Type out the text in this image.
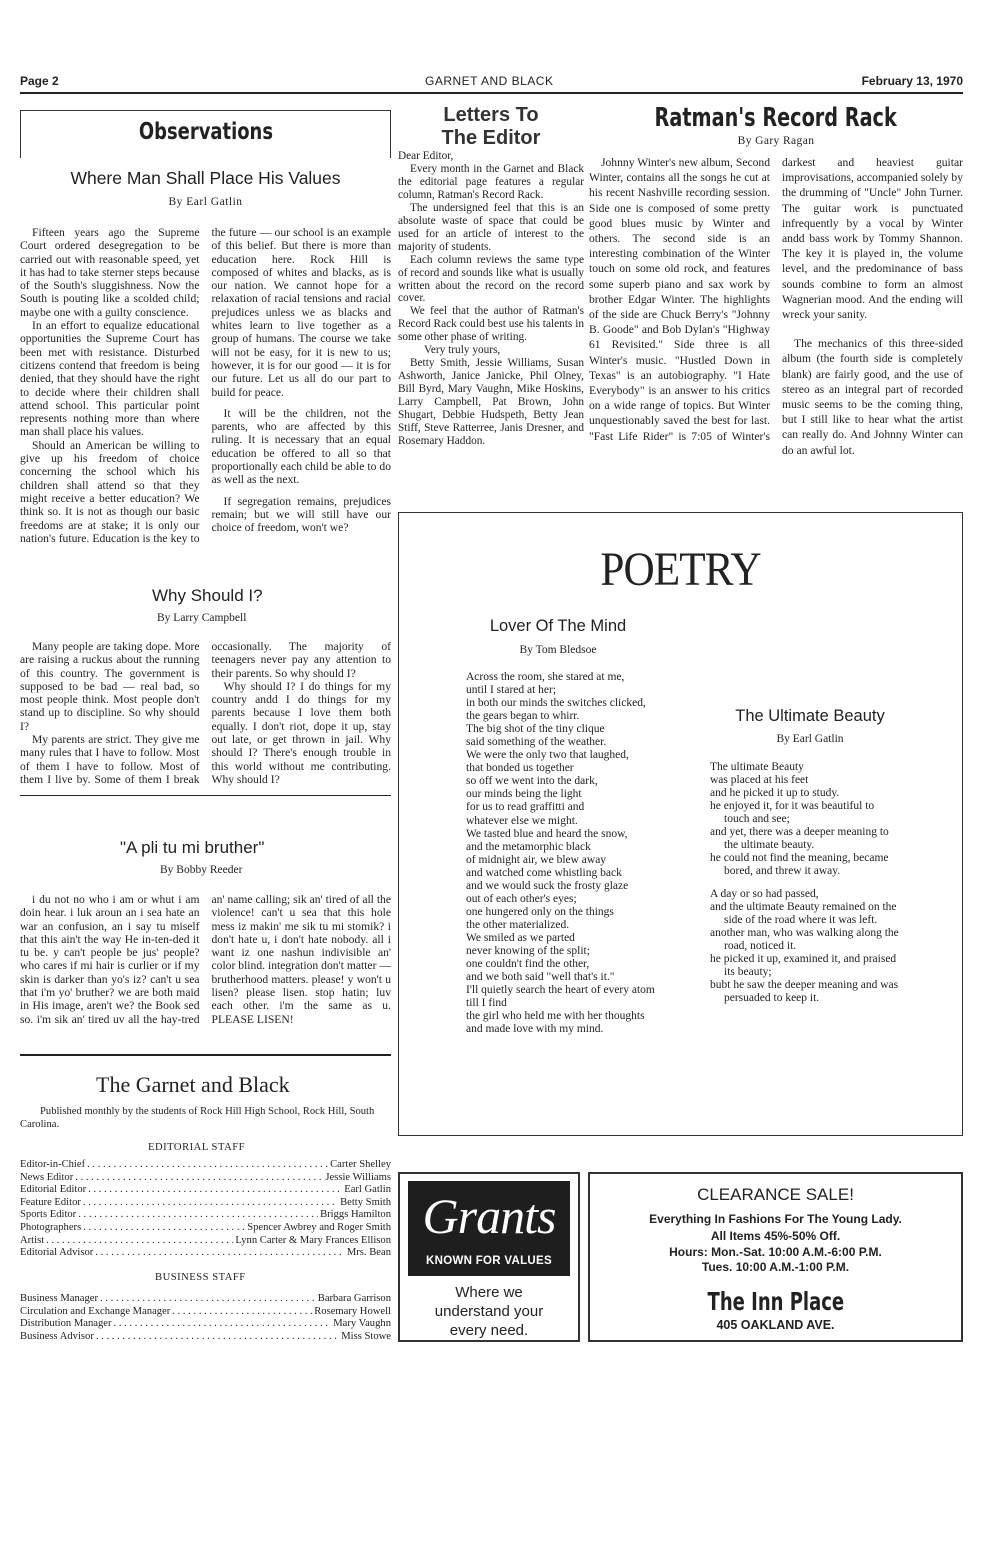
Page 2	GARNET AND BLACK	February 13, 1970
Observations
Where Man Shall Place His Values
By Earl Gatlin

Fifteen years ago the Supreme Court ordered desegregation to be carried out with reasonable speed, yet it has had to take sterner steps because of the South's sluggishness. Now the South is pouting like a scolded child; maybe one with a guilty conscience.

In an effort to equalize educational opportunities the Supreme Court has been met with resistance. Disturbed citizens contend that freedom is being denied, that they should have the right to decide where their children shall attend school. This particular point represents nothing more than where man shall place his values.

Should an American be willing to give up his freedom of choice concerning the school which his children shall attend so that they might receive a better education? We think so. It is not as though our basic freedoms are at stake; it is only our nation's future. Education is the key to the future — our school is an example of this belief. But there is more than education here. Rock Hill is composed of whites and blacks, as is our nation. We cannot hope for a relaxation of racial tensions and racial prejudices unless we as blacks and whites learn to live together as a group of humans. The course we take will not be easy, for it is new to us; however, it is for our good — it is for our future. Let us all do our part to build for peace.

It will be the children, not the parents, who are affected by this ruling. It is necessary that an equal education be offered to all so that proportionally each child be able to do as well as the next.

If segregation remains, prejudices remain; but we will still have our choice of freedom, won't we?

Why Should I?
By Larry Campbell

Many people are taking dope. More are raising a ruckus about the running of this country. The government is supposed to be bad — real bad, so most people think. Most people don't stand up to discipline. So why should I?

My parents are strict. They give me many rules that I have to follow. Most of them I have to follow. Most of them I live by. Some of them I break occasionally. The majority of teenagers never pay any attention to their parents. So why should I?

Why should I? I do things for my country andd I do things for my parents because I love them both equally. I don't riot, dope it up, stay out late, or get thrown in jail. Why should I? There's enough trouble in this world without me contributing. Why should I?

"A pli tu mi bruther"
By Bobby Reeder

i du not no who i am or whut i am doin hear. i luk aroun an i sea hate an war an confusion, an i say tu miself that this ain't the way He in-ten-ded it tu be. y can't people be jus' people? who cares if mi hair is curlier or if my skin is darker than yo's iz? can't u sea that i'm yo' bruther? we are both maid in His image, aren't we? the Book sed so. i'm sik an' tired uv all the hay-tred an' name calling; sik an' tired of all the violence! can't u sea that this hole mess iz makin' me sik tu mi stomik? i don't hate u, i don't hate nobody. all i want iz one nashun indivisible an' color blind. integration don't matter — brutherhood matters. please! y won't u lisen? please lisen. stop hatin; luv each other. i'm the same as u. PLEASE LISEN!

The Garnet and Black
Published monthly by the students of Rock Hill High School, Rock Hill, South Carolina.
EDITORIAL STAFF
Editor-in-Chief . . .	Carter Shelley
News Editor . . .	Jessie Williams
Editorial Editor . . .	Earl Gatlin
Feature Editor . . .	Betty Smith
Sports Editor . . .	Briggs Hamilton
Photographers . . .	Spencer Awbrey and Roger Smith
Artist . . .	Lynn Carter & Mary Frances Ellison
Editorial Advisor . . .	Mrs. Bean
BUSINESS STAFF
Business Manager . . .	Barbara Garrison
Circulation and Exchange Manager . . .	Rosemary Howell
Distribution Manager . . .	Mary Vaughn
Business Advisor . . .	Miss Stowe
Letters To
The Editor

Dear Editor,

Every month in the Garnet and Black the editorial page features a regular column, Ratman's Record Rack.

The undersigned feel that this is an absolute waste of space that could be used for an article of interest to the majority of students.

Each column reviews the same type of record and sounds like what is usually written about the record on the record cover.

We feel that the author of Ratman's Record Rack could best use his talents in some other phase of writing.

Very truly yours,

Betty Smith, Jessie Williams, Susan Ashworth, Janice Janicke, Phil Olney, Bill Byrd, Mary Vaughn, Mike Hoskins, Larry Campbell, Pat Brown, John Shugart, Debbie Hudspeth, Betty Jean Stiff, Steve Ratterree, Janis Dresner, and Rosemary Haddon.

Ratman's Record Rack
By Gary Ragan

Johnny Winter's new album, Second Winter, contains all the songs he cut at his recent Nashville recording session. Side one is composed of some pretty good blues music by Winter and others. The second side is an interesting combination of the Winter touch on some old rock, and features some superb piano and sax work by brother Edgar Winter. The highlights of the side are Chuck Berry's "Johnny B. Goode" and Bob Dylan's "Highway 61 Revisited." Side three is all Winter's music. "Hustled Down in Texas" is an autobiography. "I Hate Everybody" is an answer to his critics on a wide range of topics. But Winter unquestionably saved the best for last. "Fast Life Rider" is 7:05 of Winter's darkest and heaviest guitar improvisations, accompanied solely by the drumming of "Uncle" John Turner. The guitar work is punctuated infrequently by a vocal by Winter andd bass work by Tommy Shannon. The key it is played in, the volume level, and the predominance of bass sounds combine to form an almost Wagnerian mood. And the ending will wreck your sanity.

The mechanics of this three-sided album (the fourth side is completely blank) are fairly good, and the use of stereo as an integral part of recorded music seems to be the coming thing, but I still like to hear what the artist can really do. And Johnny Winter can do an awful lot.

POETRY
Lover Of The Mind
By Tom Bledsoe
Across the room, she stared at me,
until I stared at her;
in both our minds the switches clicked,
the gears began to whirr.
The big shot of the tiny clique
said something of the weather.
We were the only two that laughed,
that bonded us together
so off we went into the dark,
our minds being the light
for us to read graffitti and
whatever else we might.
We tasted blue and heard the snow,
and the metamorphic black
of midnight air, we blew away
and watched come whistling back
and we would suck the frosty glaze
out of each other's eyes;
one hungered only on the things
the other materialized.
We smiled as we parted
never knowing of the split;
one couldn't find the other,
and we both said "well that's it."
I'll quietly search the heart of every atom
till I find
the girl who held me with her thoughts
and made love with my mind.
The Ultimate Beauty
By Earl Gatlin
The ultimate Beauty
was placed at his feet
and he picked it up to study.
he enjoyed it, for it was beautiful to touch and see;
and yet, there was a deeper meaning to the ultimate beauty.
he could not find the meaning, became bored, and threw it away.
A day or so had passed,
and the ultimate Beauty remained on the side of the road where it was left.
another man, who was walking along the road, noticed it.
he picked it up, examined it, and praised its beauty;
bubt he saw the deeper meaning and was persuaded to keep it.
Grants
KNOWN FOR VALUES
Where we
understand your
every need.
CLEARANCE SALE!
Everything In Fashions For The Young Lady.
All Items 45%-50% Off.
Hours: Mon.-Sat. 10:00 A.M.-6:00 P.M.
Tues. 10:00 A.M.-1:00 P.M.
The Inn Place
405 OAKLAND AVE.
